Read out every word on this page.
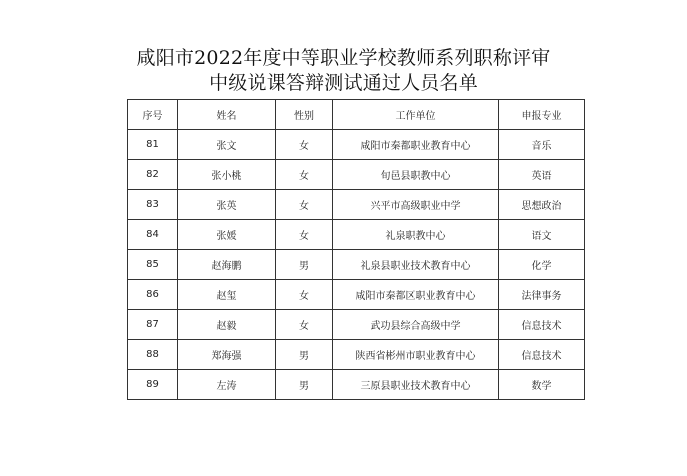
咸阳市2022年度中等职业学校教师系列职称评审
中级说课答辩测试通过人员名单
序号	姓名	性别	工作单位	申报专业
81	张文	女	咸阳市秦都职业教育中心	音乐
82	张小桃	女	旬邑县职教中心	英语
83	张英	女	兴平市高级职业中学	思想政治
84	张媛	女	礼泉职教中心	语文
85	赵海鹏	男	礼泉县职业技术教育中心	化学
86	赵玺	女	咸阳市秦都区职业教育中心	法律事务
87	赵毅	女	武功县综合高级中学	信息技术
88	郑海强	男	陕西省彬州市职业教育中心	信息技术
89	左涛	男	三原县职业技术教育中心	数学
